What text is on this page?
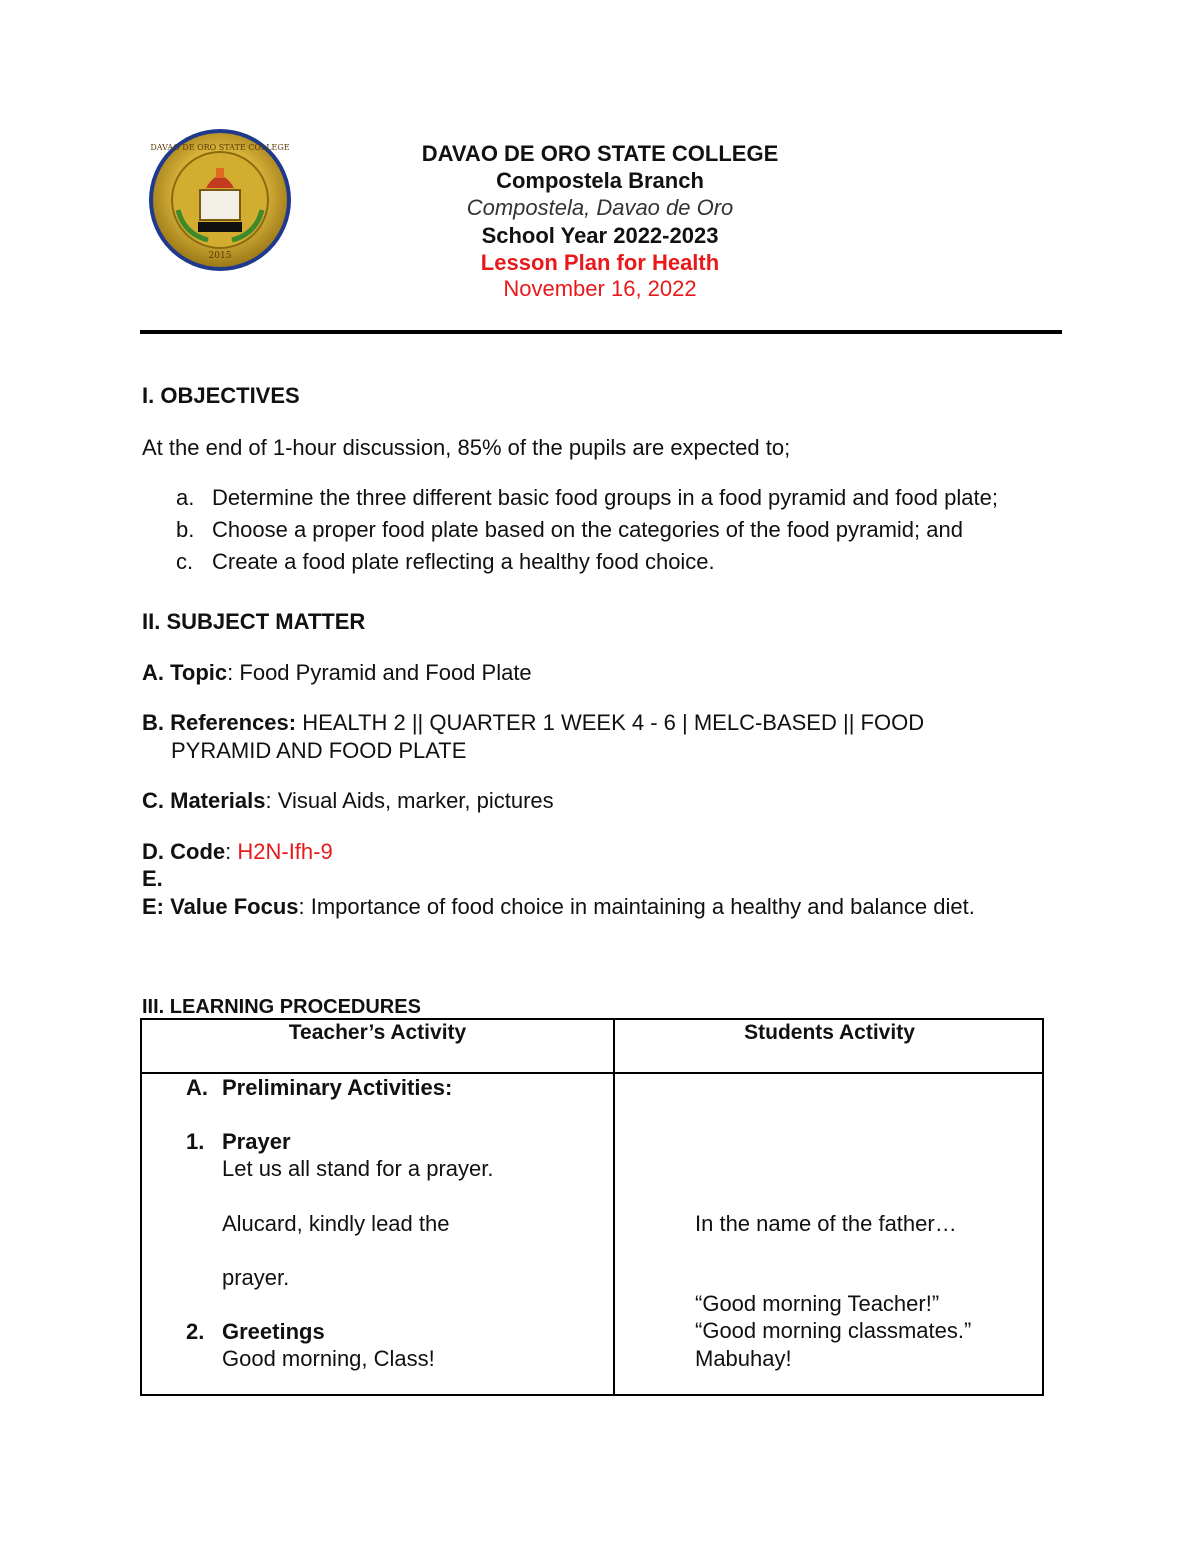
2015
DAVAO DE ORO STATE COLLEGE	DAVAO DE ORO STATE COLLEGE
Compostela Branch
Compostela, Davao de Oro
School Year 2022-2023
Lesson Plan for Health
November 16, 2022
I. OBJECTIVES
At the end of 1-hour discussion, 85% of the pupils are expected to;
a. Determine the three different basic food groups in a food pyramid and food plate;
b. Choose a proper food plate based on the categories of the food pyramid; and
c. Create a food plate reflecting a healthy food choice.
II. SUBJECT MATTER
A. Topic: Food Pyramid and Food Plate
B. References: HEALTH 2 || QUARTER 1 WEEK 4 - 6 | MELC-BASED || FOOD
PYRAMID AND FOOD PLATE
C. Materials: Visual Aids, marker, pictures
D. Code: H2N-Ifh-9
E.
E: Value Focus: Importance of food choice in maintaining a healthy and balance diet.
III. LEARNING PROCEDURES
Teacher’s Activity	Students Activity
A. Preliminary Activities:
1. Prayer
Let us all stand for a prayer.
Alucard, kindly lead the
prayer.
2. Greetings
Good morning, Class!
In the name of the father…
“Good morning Teacher!”
“Good morning classmates.”
Mabuhay!
